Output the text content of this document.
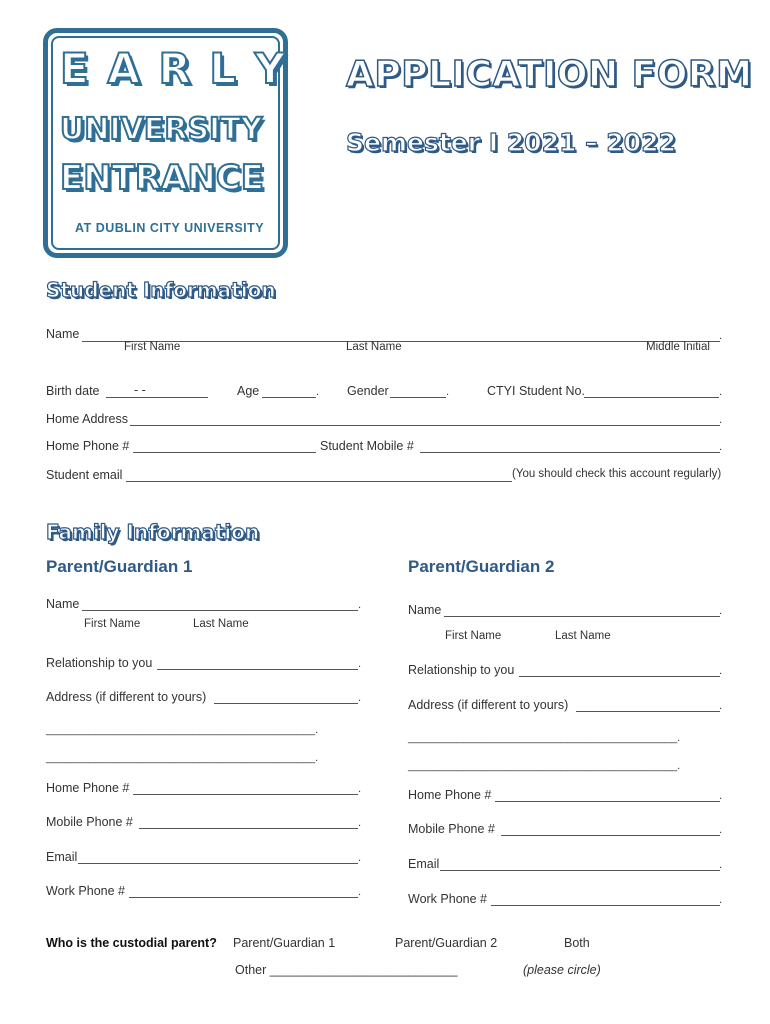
E A R L Y
UNIVERSITY
ENTRANCE
AT DUBLIN CITY UNIVERSITY
APPLICATION FORM
Semester I 2021 – 2022
Student Information
Name	.
First Name	Last Name	Middle Initial
Birth date	- -	Age	. Gender	.	CTYI Student No.	.
Home Address	.
Home Phone #	Student Mobile #	.
Student email	(You should check this account regularly)
Family Information
Parent/Guardian 1
Name	.
First Name	Last Name
Relationship to you	.
Address (if different to yours)	.
____________________________________________.
____________________________________________.
Home Phone #	.
Mobile Phone #	.
Email	.
Work Phone #	.
Parent/Guardian 2
Name	.
First Name	Last Name
Relationship to you	.
Address (if different to yours)	.
____________________________________________.
____________________________________________.
Home Phone #	.
Mobile Phone #	.
Email	.
Work Phone #	.
Who is the custodial parent? Parent/Guardian 1	Parent/Guardian 2	Both
Other ___________________________	(please circle)
